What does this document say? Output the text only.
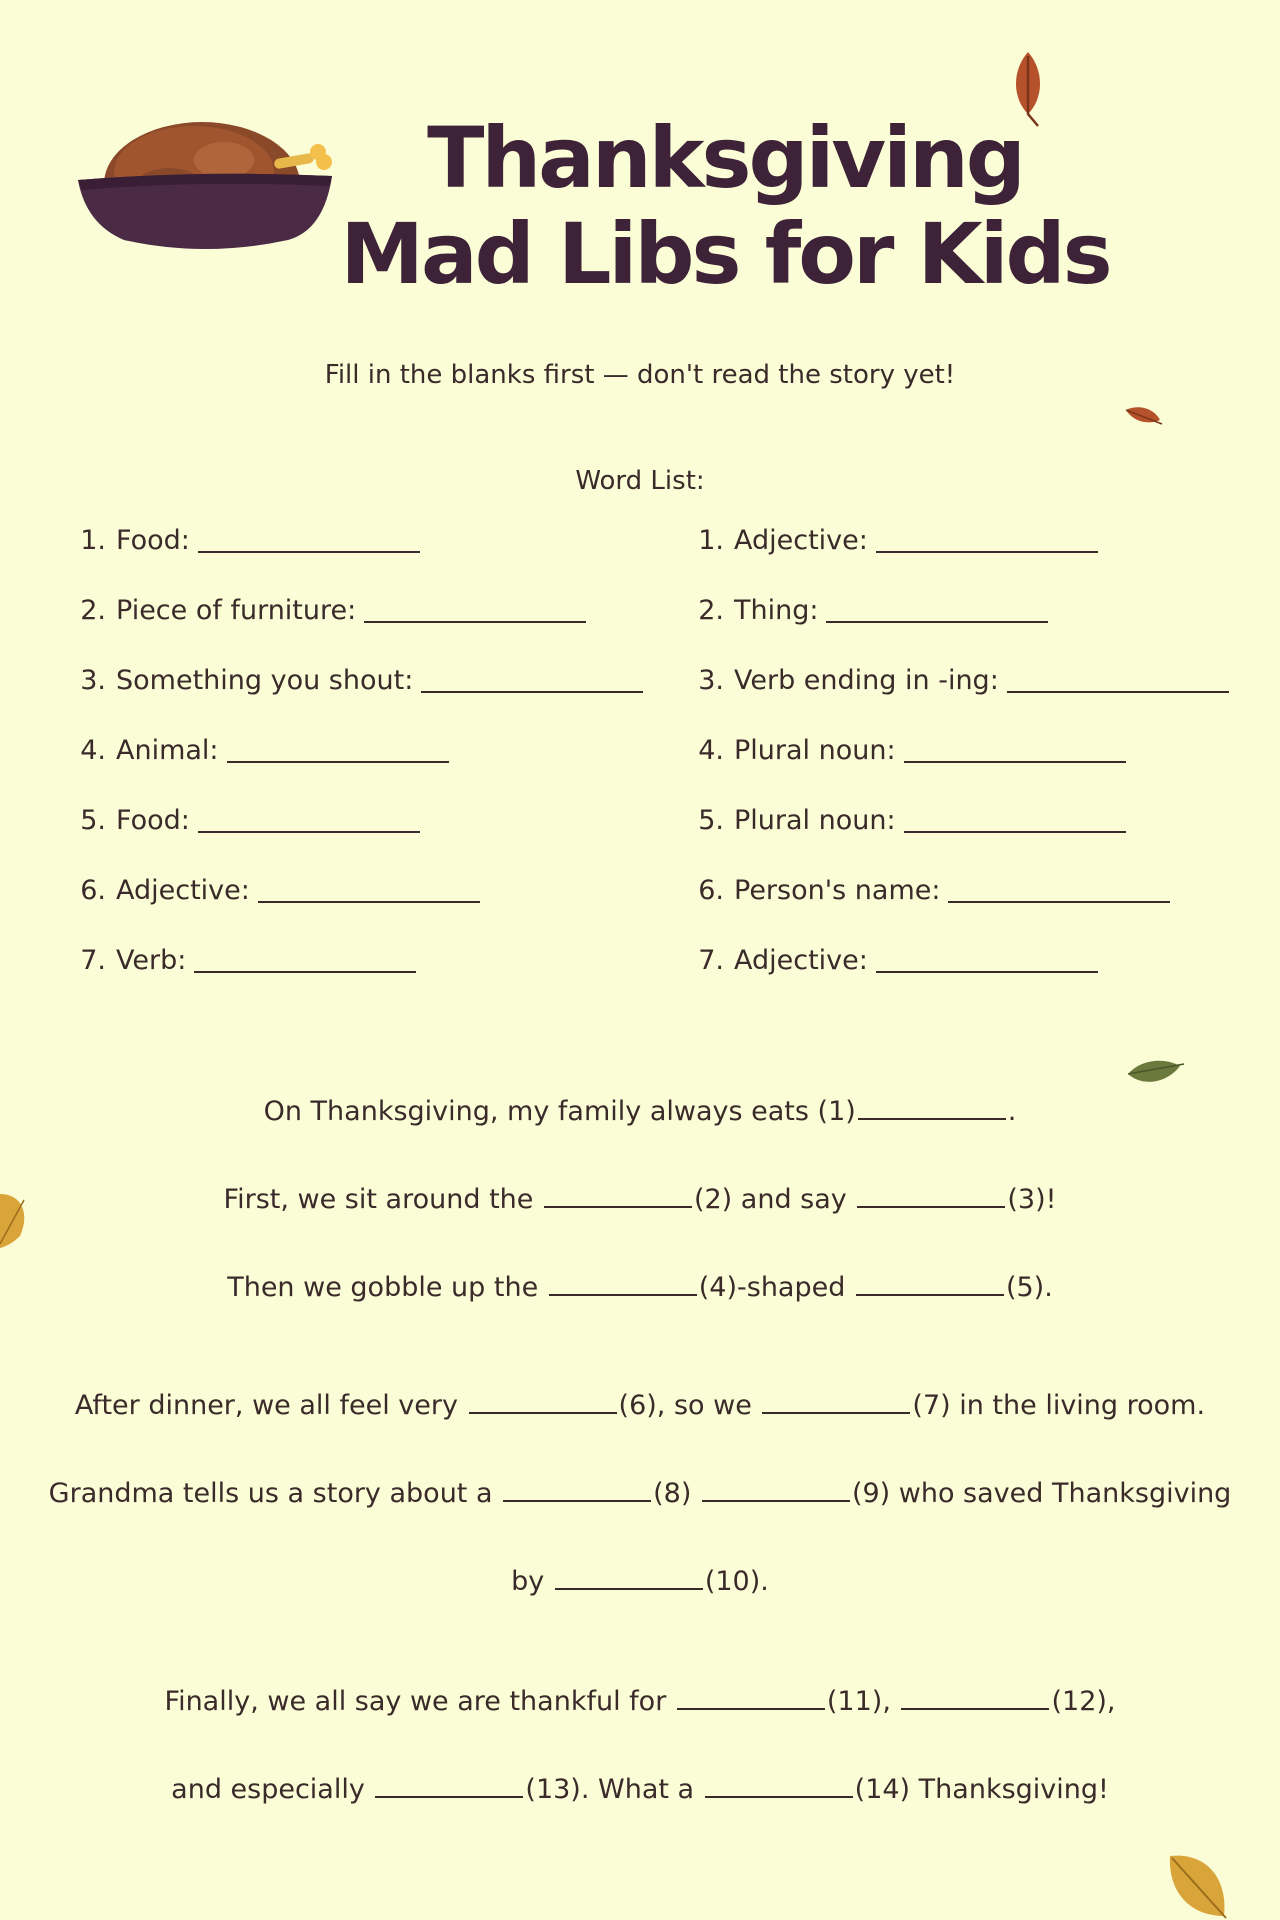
Thanksgiving
Mad Libs for Kids
Fill in the blanks first — don't read the story yet!
Word List:
1. Food:
2. Piece of furniture:
3. Something you shout:
4. Animal:
5. Food:
6. Adjective:
7. Verb:
1. Adjective:
2. Thing:
3. Verb ending in -ing:
4. Plural noun:
5. Plural noun:
6. Person's name:
7. Adjective:
On Thanksgiving, my family always eats (1)	.
First, we sit around the	(2) and say	(3)!
Then we gobble up the	(4)-shaped	(5).
After dinner, we all feel very	(6), so we	(7) in the living room.
Grandma tells us a story about a	(8)	(9) who saved Thanksgiving
by	(10).
Finally, we all say we are thankful for	(11),	(12),
and especially	(13). What a	(14) Thanksgiving!
